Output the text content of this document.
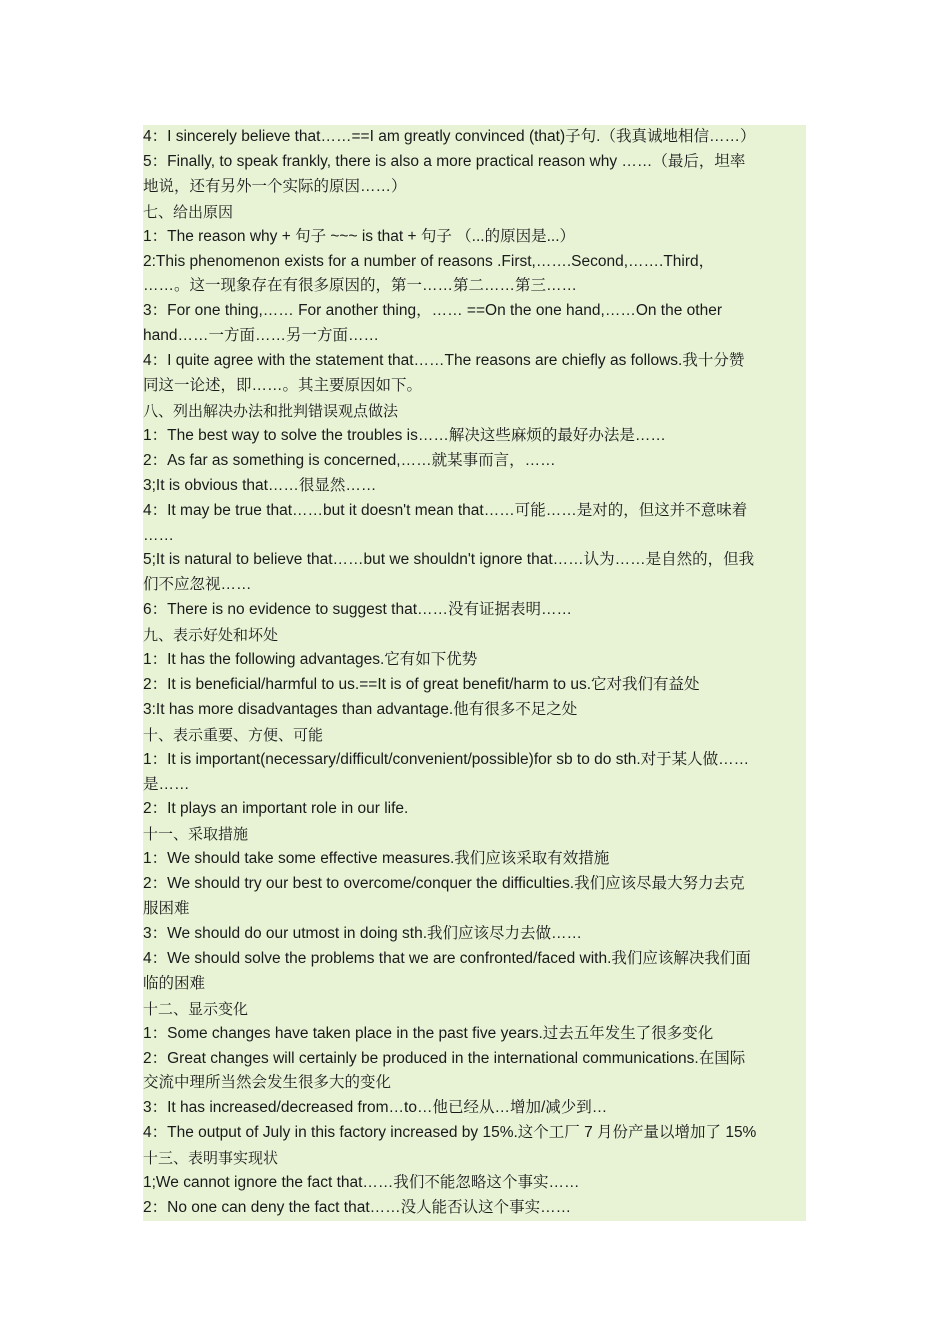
4：I sincerely believe that……==I am greatly convinced (that)子句.（我真诚地相信……）
5：Finally, to speak frankly, there is also a more practical reason why ……（最后，坦率
地说，还有另外一个实际的原因……）
七、给出原因
1：The reason why + 句子 ~~~ is that + 句子 （...的原因是...）
2:This phenomenon exists for a number of reasons .First,…….Second,…….Third，
……。这一现象存在有很多原因的，第一……第二……第三……
3：For one thing,…… For another thing，…… ==On the one hand,……On the other
hand……一方面……另一方面……
4：I quite agree with the statement that……The reasons are chiefly as follows.我十分赞
同这一论述，即……。其主要原因如下。
八、列出解决办法和批判错误观点做法
1：The best way to solve the troubles is……解决这些麻烦的最好办法是……
2：As far as something is concerned,……就某事而言，……
3;It is obvious that……很显然……
4：It may be true that……but it doesn't mean that……可能……是对的，但这并不意味着
……
5;It is natural to believe that……but we shouldn't ignore that……认为……是自然的，但我
们不应忽视……
6：There is no evidence to suggest that……没有证据表明……
九、表示好处和坏处
1：It has the following advantages.它有如下优势
2：It is beneficial/harmful to us.==It is of great benefit/harm to us.它对我们有益处
3:It has more disadvantages than advantage.他有很多不足之处
十、表示重要、方便、可能
1：It is important(necessary/difficult/convenient/possible)for sb to do sth.对于某人做……
是……
2：It plays an important role in our life.
十一、采取措施
1：We should take some effective measures.我们应该采取有效措施
2：We should try our best to overcome/conquer the difficulties.我们应该尽最大努力去克
服困难
3：We should do our utmost in doing sth.我们应该尽力去做……
4：We should solve the problems that we are confronted/faced with.我们应该解决我们面
临的困难
十二、显示变化
1：Some changes have taken place in the past five years.过去五年发生了很多变化
2：Great changes will certainly be produced in the international communications.在国际
交流中理所当然会发生很多大的变化
3：It has increased/decreased from…to…他已经从…增加/减少到…
4：The output of July in this factory increased by 15%.这个工厂 7 月份产量以增加了 15%
十三、表明事实现状
1;We cannot ignore the fact that……我们不能忽略这个事实……
2：No one can deny the fact that……没人能否认这个事实……
